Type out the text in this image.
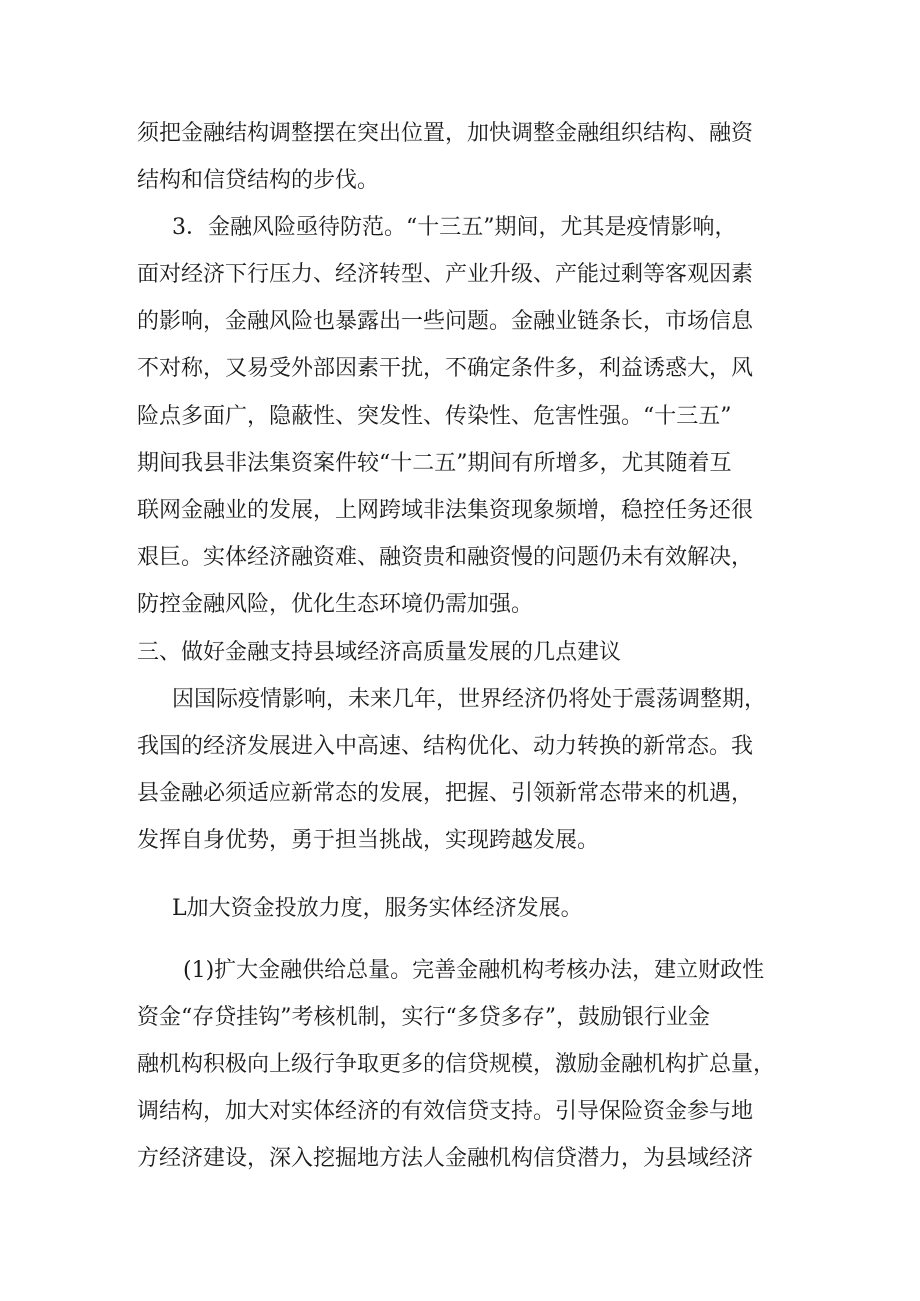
须把金融结构调整摆在突出位置，加快调整金融组织结构、融资
结构和信贷结构的步伐。
3．金融风险亟待防范。“十三五”期间，尤其是疫情影响，
面对经济下行压力、经济转型、产业升级、产能过剩等客观因素
的影响，金融风险也暴露出一些问题。金融业链条长，市场信息
不对称，又易受外部因素干扰，不确定条件多，利益诱惑大，风
险点多面广，隐蔽性、突发性、传染性、危害性强。“十三五”
期间我县非法集资案件较“十二五”期间有所增多，尤其随着互
联网金融业的发展，上网跨域非法集资现象频增，稳控任务还很
艰巨。实体经济融资难、融资贵和融资慢的问题仍未有效解决，
防控金融风险，优化生态环境仍需加强。
三、做好金融支持县域经济高质量发展的几点建议
因国际疫情影响，未来几年，世界经济仍将处于震荡调整期，
我国的经济发展进入中高速、结构优化、动力转换的新常态。我
县金融必须适应新常态的发展，把握、引领新常态带来的机遇，
发挥自身优势，勇于担当挑战，实现跨越发展。
L加大资金投放力度，服务实体经济发展。
(1)扩大金融供给总量。完善金融机构考核办法，建立财政性
资金“存贷挂钩”考核机制，实行“多贷多存”，鼓励银行业金
融机构积极向上级行争取更多的信贷规模，激励金融机构扩总量，
调结构，加大对实体经济的有效信贷支持。引导保险资金参与地
方经济建设，深入挖掘地方法人金融机构信贷潜力，为县域经济
